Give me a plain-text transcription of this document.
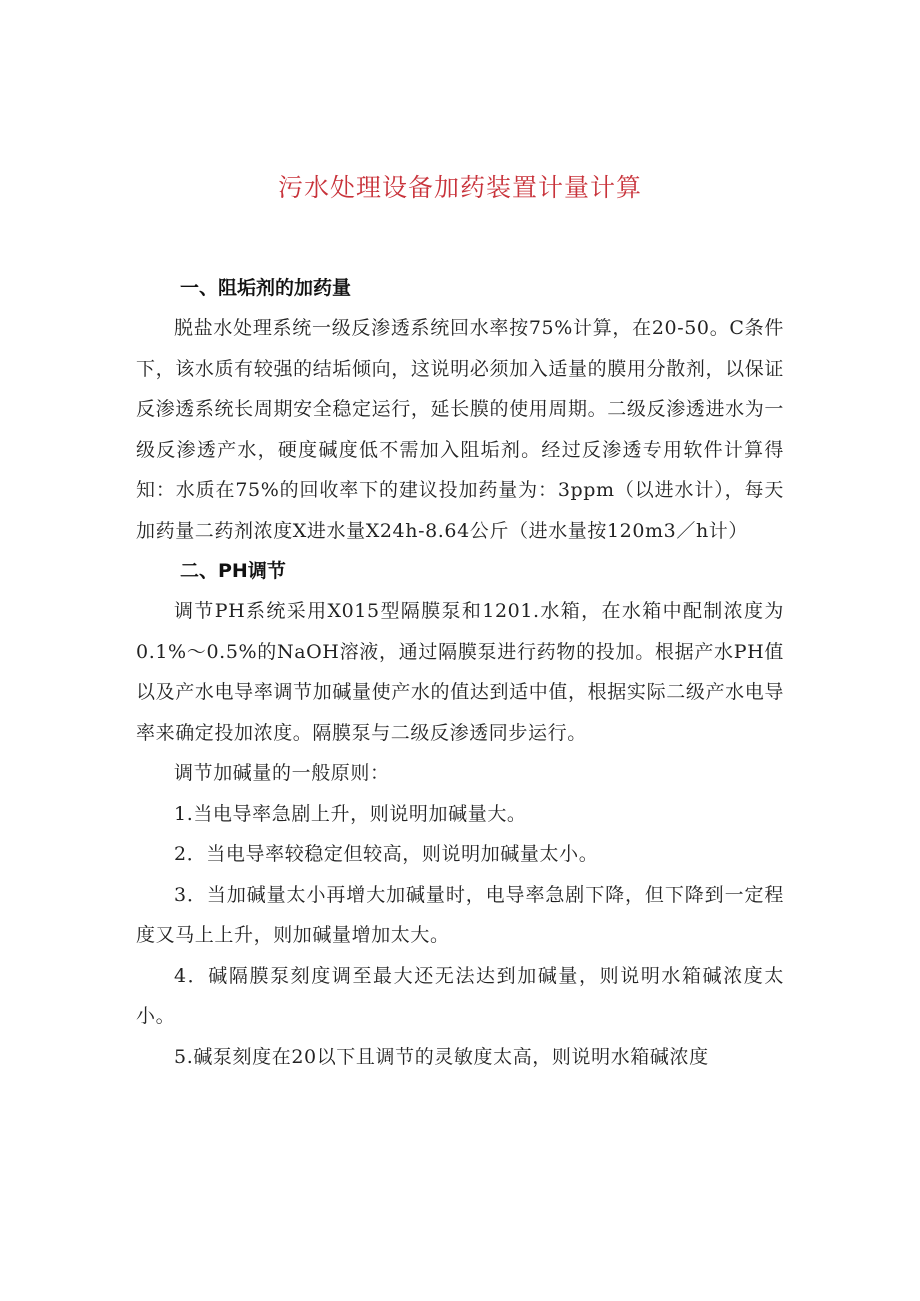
污水处理设备加药装置计量计算

一、阻垢剂的加药量

脱盐水处理系统一级反渗透系统回水率按75%计算，在20-50。C条件下，该水质有较强的结垢倾向，这说明必须加入适量的膜用分散剂，以保证反渗透系统长周期安全稳定运行，延长膜的使用周期。二级反渗透进水为一级反渗透产水，硬度碱度低不需加入阻垢剂。经过反渗透专用软件计算得知：水质在75%的回收率下的建议投加药量为：3ppm（以进水计），每天加药量二药剂浓度X进水量X24h-8.64公斤（进水量按120m3／h计）

二、PH调节

调节PH系统采用X015型隔膜泵和1201.水箱，在水箱中配制浓度为0.1%～0.5%的NaOH溶液，通过隔膜泵进行药物的投加。根据产水PH值以及产水电导率调节加碱量使产水的值达到适中值，根据实际二级产水电导率来确定投加浓度。隔膜泵与二级反渗透同步运行。

调节加碱量的一般原则：

1.当电导率急剧上升，则说明加碱量大。

2．当电导率较稳定但较高，则说明加碱量太小。

3．当加碱量太小再增大加碱量时，电导率急剧下降，但下降到一定程度又马上上升，则加碱量增加太大。

4．碱隔膜泵刻度调至最大还无法达到加碱量，则说明水箱碱浓度太小。

5.碱泵刻度在20以下且调节的灵敏度太高，则说明水箱碱浓度
